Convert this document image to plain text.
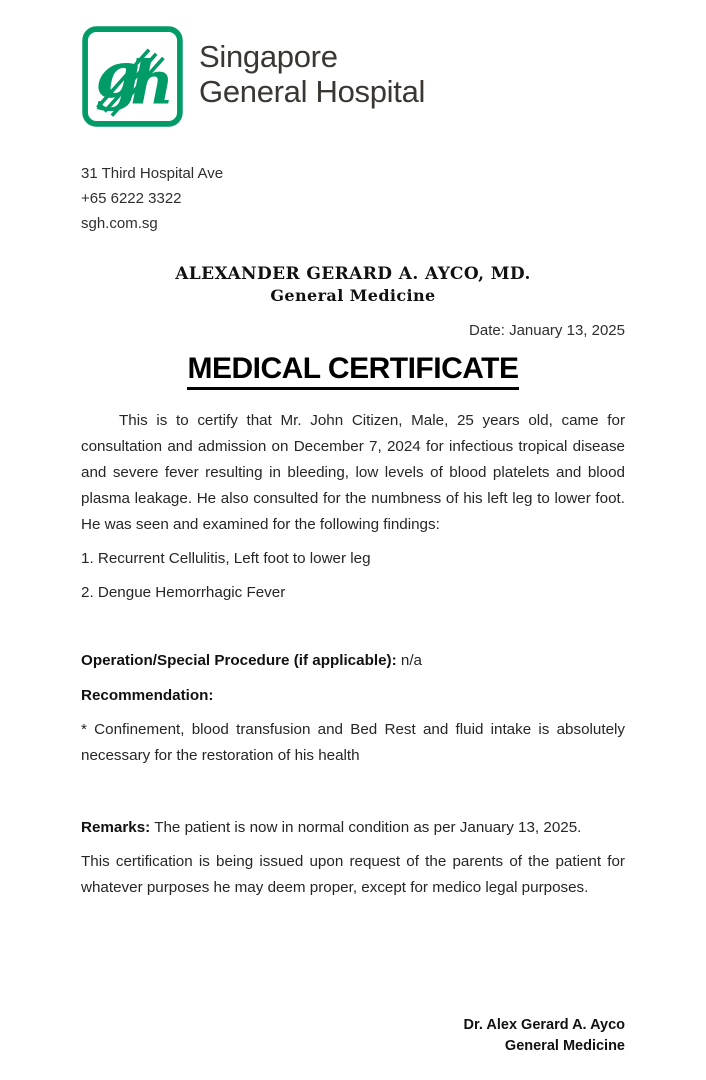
g
h Singapore
General Hospital
31 Third Hospital Ave
+65 6222 3322
sgh.com.sg
ALEXANDER GERARD A. AYCO, MD.
General Medicine
Date: January 13, 2025
MEDICAL CERTIFICATE

This is to certify that Mr. John Citizen, Male, 25 years old, came for consultation and admission on December 7, 2024 for infectious tropical disease and severe fever resulting in bleeding, low levels of blood platelets and blood plasma leakage. He also consulted for the numbness of his left leg to lower foot. He was seen and examined for the following findings:

1. Recurrent Cellulitis, Left foot to lower leg
2. Dengue Hemorrhagic Fever
Operation/Special Procedure (if applicable): n/a
Recommendation:

* Confinement, blood transfusion and Bed Rest and fluid intake is absolutely necessary for the restoration of his health

Remarks: The patient is now in normal condition as per January 13, 2025.

This certification is being issued upon request of the parents of the patient for whatever purposes he may deem proper, except for medico legal purposes.

Dr. Alex Gerard A. Ayco
General Medicine
